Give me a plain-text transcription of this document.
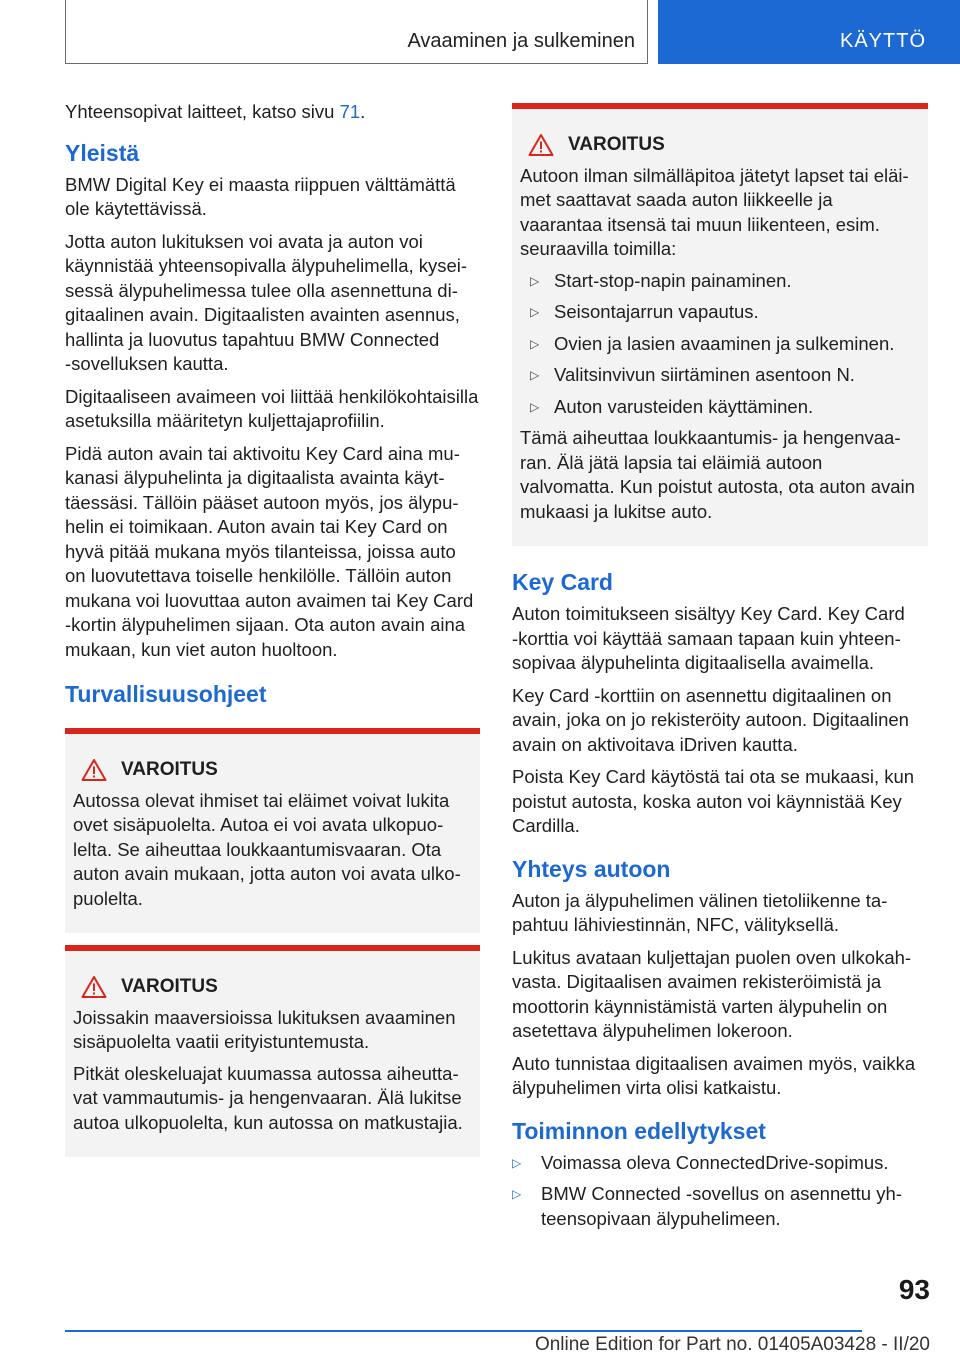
Avaaminen ja sulkeminen	KÄYTTÖ

Yhteensopivat laitteet, katso sivu 71.

Yleistä

BMW Digital Key ei maasta riippuen välttämättä ole käytettävissä.

Jotta auton lukituksen voi avata ja auton voi käynnistää yhteensopivalla älypuhelimella, kyseisessä älypuhelimessa tulee olla asennettuna digitaalinen avain. Digitaalisten avainten asennus, hallinta ja luovutus tapahtuu BMW Connected ‑sovelluksen kautta.

Digitaaliseen avaimeen voi liittää henkilökohtaisilla asetuksilla määritetyn kuljettajaprofiilin.

Pidä auton avain tai aktivoitu Key Card aina mukanasi älypuhelinta ja digitaalista avainta käyttäessäsi. Tällöin pääset autoon myös, jos älypuhelin ei toimikaan. Auton avain tai Key Card on hyvä pitää mukana myös tilanteissa, joissa auto on luovutettava toiselle henkilölle. Tällöin auton mukana voi luovuttaa auton avaimen tai Key Card ‑kortin älypuhelimen sijaan. Ota auton avain aina mukaan, kun viet auton huoltoon.

Turvallisuusohjeet
VAROITUS

Autossa olevat ihmiset tai eläimet voivat lukita ovet sisäpuolelta. Autoa ei voi avata ulkopuolelta. Se aiheuttaa loukkaantumisvaaran. Ota auton avain mukaan, jotta auton voi avata ulkopuolelta.

VAROITUS

Joissakin maaversioissa lukituksen avaaminen sisäpuolelta vaatii erityistuntemusta.

Pitkät oleskeluajat kuumassa autossa aiheuttavat vammautumis- ja hengenvaaran. Älä lukitse autoa ulkopuolelta, kun autossa on matkustajia.

VAROITUS

Autoon ilman silmälläpitoa jätetyt lapset tai eläimet saattavat saada auton liikkeelle ja vaarantaa itsensä tai muun liikenteen, esim. seuraavilla toimilla:

▷ Start-stop-napin painaminen.
▷ Seisontajarrun vapautus.
▷ Ovien ja lasien avaaminen ja sulkeminen.
▷ Valitsinvivun siirtäminen asentoon N.
▷ Auton varusteiden käyttäminen.

Tämä aiheuttaa loukkaantumis- ja hengenvaaran. Älä jätä lapsia tai eläimiä autoon valvomatta. Kun poistut autosta, ota auton avain mukaasi ja lukitse auto.

Key Card

Auton toimitukseen sisältyy Key Card. Key Card ‑korttia voi käyttää samaan tapaan kuin yhteensopivaa älypuhelinta digitaalisella avaimella.

Key Card ‑korttiin on asennettu digitaalinen on avain, joka on jo rekisteröity autoon. Digitaalinen avain on aktivoitava iDriven kautta.

Poista Key Card käytöstä tai ota se mukaasi, kun poistut autosta, koska auton voi käynnistää Key Cardilla.

Yhteys autoon

Auton ja älypuhelimen välinen tietoliikenne tapahtuu lähiviestinnän, NFC, välityksellä.

Lukitus avataan kuljettajan puolen oven ulkokahvasta. Digitaalisen avaimen rekisteröimistä ja moottorin käynnistämistä varten älypuhelin on asetettava älypuhelimen lokeroon.

Auto tunnistaa digitaalisen avaimen myös, vaikka älypuhelimen virta olisi katkaistu.

Toiminnon edellytykset
▷ Voimassa oleva ConnectedDrive-sopimus.
▷ BMW Connected ‑sovellus on asennettu yhteensopivaan älypuhelimeen.
93
Online Edition for Part no. 01405A03428 - II/20
